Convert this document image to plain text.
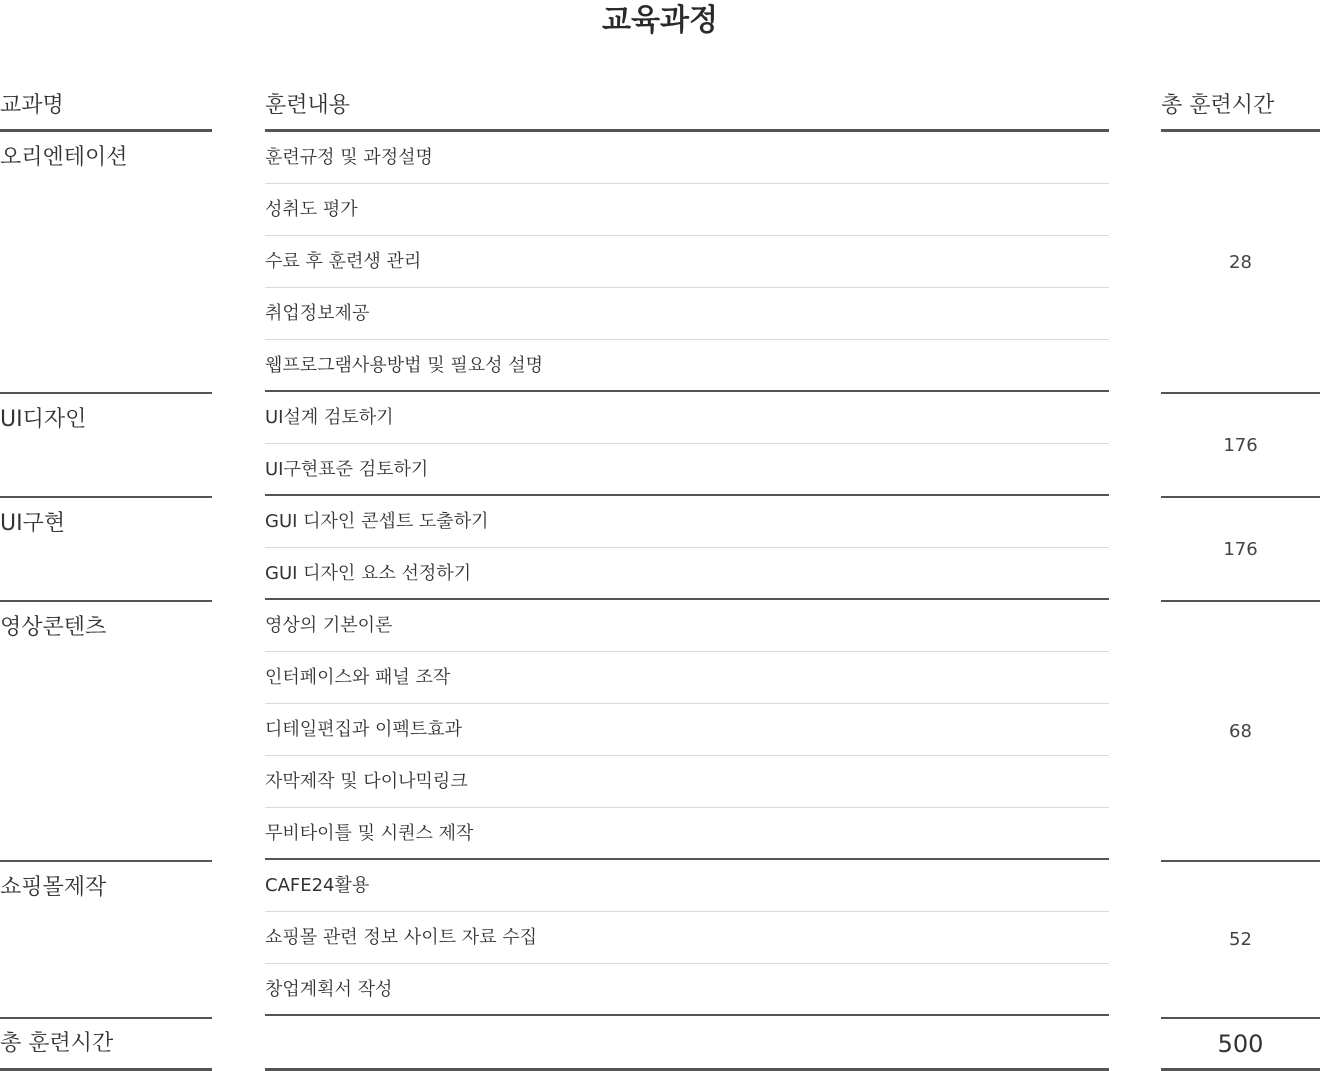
교육과정
교과명	훈련내용	총 훈련시간
오리엔테이션	훈련규정 및 과정설명
성취도 평가
수료 후 훈련생 관리
취업정보제공
웹프로그램사용방법 및 필요성 설명
28
UI디자인	UI설계 검토하기
UI구현표준 검토하기
176
UI구현	GUI 디자인 콘셉트 도출하기
GUI 디자인 요소 선정하기
176
영상콘텐츠	영상의 기본이론
인터페이스와 패널 조작
디테일편집과 이펙트효과
자막제작 및 다이나믹링크
무비타이틀 및 시퀀스 제작
68
쇼핑몰제작	CAFE24활용
쇼핑몰 관련 정보 사이트 자료 수집
창업계획서 작성
52
총 훈련시간	500
